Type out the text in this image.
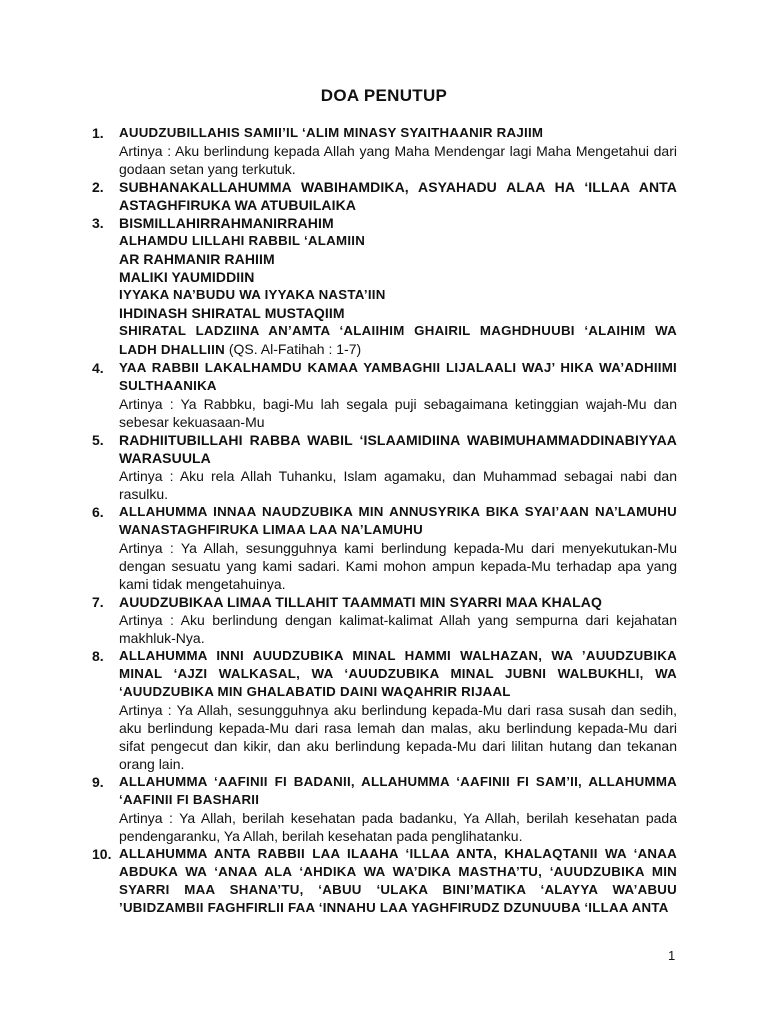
DOA PENUTUP
1. AUUDZUBILLAHIS SAMII’IL ‘ALIM MINASY SYAITHAANIR RAJIIM
Artinya : Aku berlindung kepada Allah yang Maha Mendengar lagi Maha Mengetahui dari godaan setan yang terkutuk.
2. SUBHANAKALLAHUMMA WABIHAMDIKA, ASYAHADU ALAA HA ‘ILLAA ANTA ASTAGHFIRUKA WA ATUBUILAIKA
3. BISMILLAHIRRAHMANIRRAHIM
ALHAMDU LILLAHI RABBIL ‘ALAMIIN
AR RAHMANIR RAHIIM
MALIKI YAUMIDDIIN
IYYAKA NA’BUDU WA IYYAKA NASTA’IIN
IHDINASH SHIRATAL MUSTAQIIM
SHIRATAL LADZIINA AN’AMTA ‘ALAIIHIM GHAIRIL MAGHDHUUBI ‘ALAIHIM WA LADH DHALLIIN (QS. Al-Fatihah : 1-7)
4. YAA RABBII LAKALHAMDU KAMAA YAMBAGHII LIJALAALI WAJ’ HIKA WA’ADHIIMI SULTHAANIKA
Artinya : Ya Rabbku, bagi-Mu lah segala puji sebagaimana ketinggian wajah-Mu dan sebesar kekuasaan-Mu
5. RADHIITUBILLAHI RABBA WABIL ‘ISLAAMIDIINA WABIMUHAMMADDINABIYYAA WARASUULA
Artinya : Aku rela Allah Tuhanku, Islam agamaku, dan Muhammad sebagai nabi dan rasulku.
6. ALLAHUMMA INNAA NAUDZUBIKA MIN ANNUSYRIKA BIKA SYAI’AAN NA’LAMUHU WANASTAGHFIRUKA LIMAA LAA NA’LAMUHU
Artinya : Ya Allah, sesungguhnya kami berlindung kepada-Mu dari menyekutukan-Mu dengan sesuatu yang kami sadari. Kami mohon ampun kepada-Mu terhadap apa yang kami tidak mengetahuinya.
7. AUUDZUBIKAA LIMAA TILLAHIT TAAMMATI MIN SYARRI MAA KHALAQ
Artinya : Aku berlindung dengan kalimat-kalimat Allah yang sempurna dari kejahatan makhluk-Nya.
8. ALLAHUMMA INNI AUUDZUBIKA MINAL HAMMI WALHAZAN, WA ’AUUDZUBIKA MINAL ‘AJZI WALKASAL, WA ‘AUUDZUBIKA MINAL JUBNI WALBUKHLI, WA ‘AUUDZUBIKA MIN GHALABATID DAINI WAQAHRIR RIJAAL
Artinya : Ya Allah, sesungguhnya aku berlindung kepada-Mu dari rasa susah dan sedih, aku berlindung kepada-Mu dari rasa lemah dan malas, aku berlindung kepada-Mu dari sifat pengecut dan kikir, dan aku berlindung kepada-Mu dari lilitan hutang dan tekanan orang lain.
9. ALLAHUMMA ‘AAFINII FI BADANII, ALLAHUMMA ‘AAFINII FI SAM’II, ALLAHUMMA ‘AAFINII FI BASHARII
Artinya : Ya Allah, berilah kesehatan pada badanku, Ya Allah, berilah kesehatan pada pendengaranku, Ya Allah, berilah kesehatan pada penglihatanku.
10. ALLAHUMMA ANTA RABBII LAA ILAAHA ‘ILLAA ANTA, KHALAQTANII WA ‘ANAA ABDUKA WA ‘ANAA ALA ‘AHDIKA WA WA’DIKA MASTHA’TU, ‘AUUDZUBIKA MIN SYARRI MAA SHANA’TU, ‘ABUU ‘ULAKA BINI’MATIKA ‘ALAYYA WA’ABUU ’UBIDZAMBII FAGHFIRLII FAA ‘INNAHU LAA YAGHFIRUDZ DZUNUUBA ‘ILLAA ANTA
1
